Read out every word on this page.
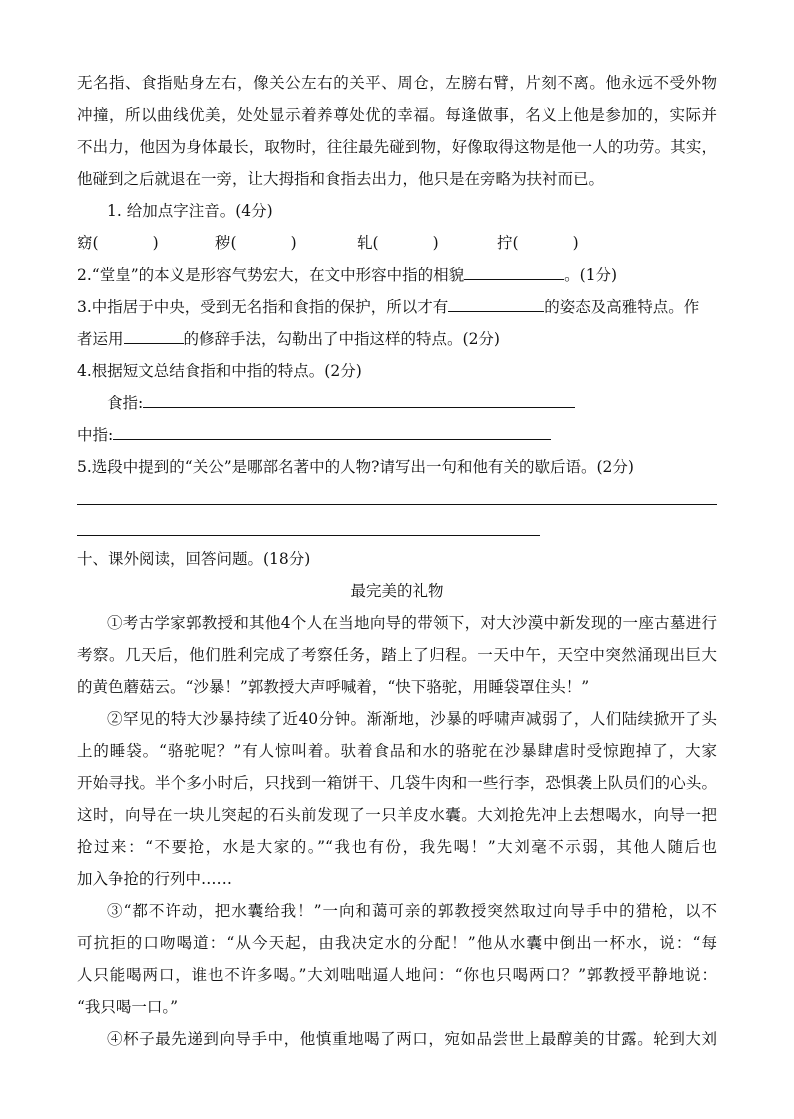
无名指、食指贴身左右，像关公左右的关平、周仓，左膀右臂，片刻不离。他永远不受外物
冲撞，所以曲线优美，处处显示着养尊处优的幸福。每逢做事，名义上他是参加的，实际并
不出力，他因为身体最长，取物时，往往最先碰到物，好像取得这物是他一人的功劳。其实，
他碰到之后就退在一旁，让大拇指和食指去出力，他只是在旁略为扶衬而已。
1. 给加点字注音。(4分)
窈(	)	秽(	)	轧(	)	拧(	)
2.“堂皇”的本义是形容气势宏大，在文中形容中指的相貌	。(1分)
3.中指居于中央，受到无名指和食指的保护，所以才有	的姿态及高雅特点。作
者运用	的修辞手法，勾勒出了中指这样的特点。(2分)
4.根据短文总结食指和中指的特点。(2分)
食指:
中指:
5.选段中提到的“关公”是哪部名著中的人物?请写出一句和他有关的歇后语。(2分)
十、课外阅读，回答问题。(18分)
最完美的礼物
①考古学家郭教授和其他4个人在当地向导的带领下，对大沙漠中新发现的一座古墓进行
考察。几天后，他们胜利完成了考察任务，踏上了归程。一天中午，天空中突然涌现出巨大
的黄色蘑菇云。“沙暴！”郭教授大声呼喊着，“快下骆驼，用睡袋罩住头！”
②罕见的特大沙暴持续了近40分钟。渐渐地，沙暴的呼啸声减弱了，人们陆续掀开了头
上的睡袋。“骆驼呢？”有人惊叫着。驮着食品和水的骆驼在沙暴肆虐时受惊跑掉了，大家
开始寻找。半个多小时后，只找到一箱饼干、几袋牛肉和一些行李，恐惧袭上队员们的心头。
这时，向导在一块儿突起的石头前发现了一只羊皮水囊。大刘抢先冲上去想喝水，向导一把
抢过来：“不要抢，水是大家的。”“我也有份，我先喝！”大刘毫不示弱，其他人随后也
加入争抢的行列中……
③“都不许动，把水囊给我！”一向和蔼可亲的郭教授突然取过向导手中的猎枪，以不
可抗拒的口吻喝道：“从今天起，由我决定水的分配！”他从水囊中倒出一杯水，说：“每
人只能喝两口，谁也不许多喝。”大刘咄咄逼人地问：“你也只喝两口？”郭教授平静地说：
“我只喝一口。”
④杯子最先递到向导手中，他慎重地喝了两口，宛如品尝世上最醇美的甘露。轮到大刘
